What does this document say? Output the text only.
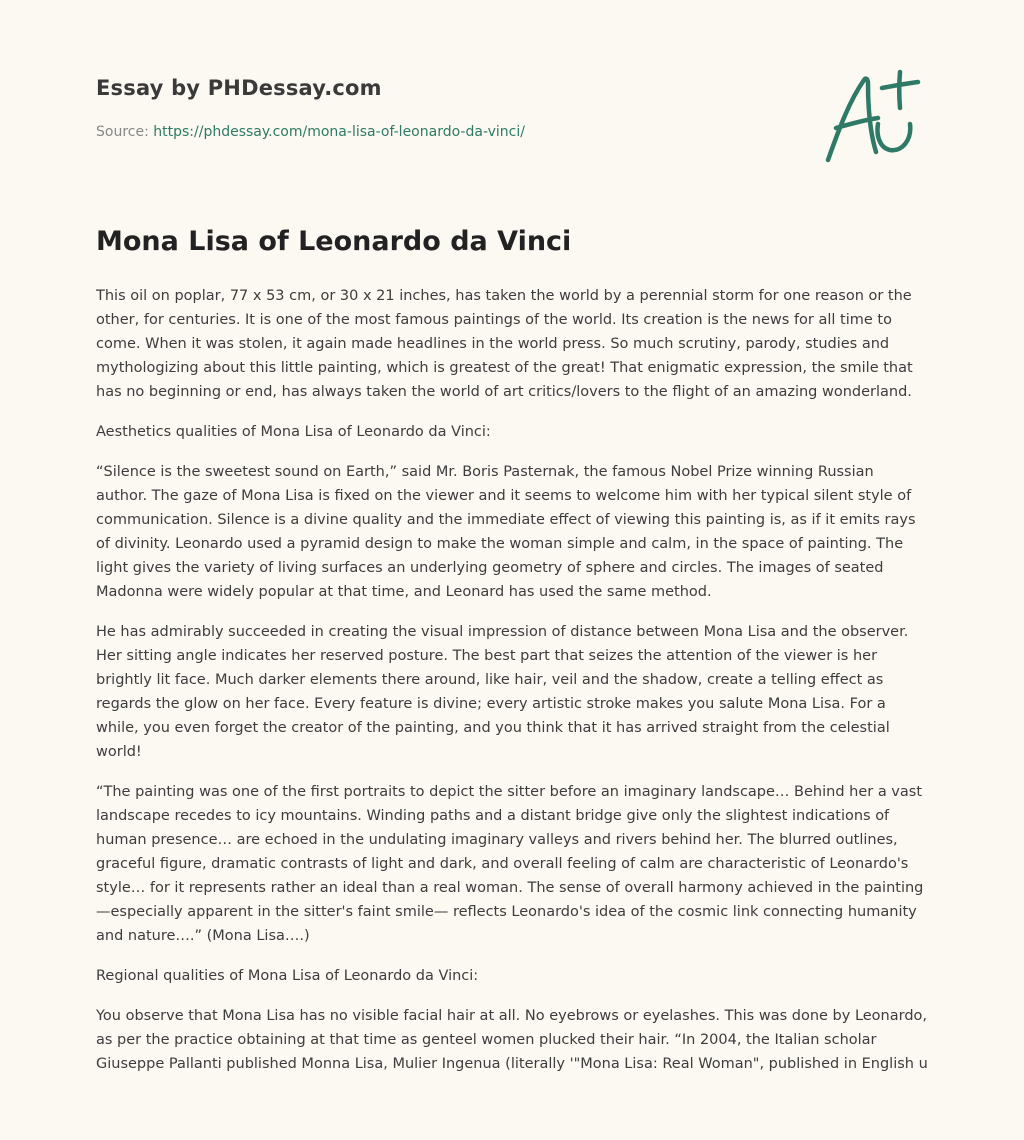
Essay by PHDessay.com
Source: https://phdessay.com/mona-lisa-of-leonardo-da-vinci/
Mona Lisa of Leonardo da Vinci

This oil on poplar, 77 x 53 cm, or 30 x 21 inches, has taken the world by a perennial storm for one reason or the other, for centuries. It is one of the most famous paintings of the world. Its creation is the news for all time to come. When it was stolen, it again made headlines in the world press. So much scrutiny, parody, studies and mythologizing about this little painting, which is greatest of the great! That enigmatic expression, the smile that has no beginning or end, has always taken the world of art critics/lovers to the flight of an amazing wonderland.

Aesthetics qualities of Mona Lisa of Leonardo da Vinci:

“Silence is the sweetest sound on Earth,” said Mr. Boris Pasternak, the famous Nobel Prize winning Russian author. The gaze of Mona Lisa is fixed on the viewer and it seems to welcome him with her typical silent style of communication. Silence is a divine quality and the immediate effect of viewing this painting is, as if it emits rays of divinity. Leonardo used a pyramid design to make the woman simple and calm, in the space of painting. The light gives the variety of living surfaces an underlying geometry of sphere and circles. The images of seated Madonna were widely popular at that time, and Leonard has used the same method.

He has admirably succeeded in creating the visual impression of distance between Mona Lisa and the observer. Her sitting angle indicates her reserved posture. The best part that seizes the attention of the viewer is her brightly lit face. Much darker elements there around, like hair, veil and the shadow, create a telling effect as regards the glow on her face. Every feature is divine; every artistic stroke makes you salute Mona Lisa. For a while, you even forget the creator of the painting, and you think that it has arrived straight from the celestial world!

“The painting was one of the first portraits to depict the sitter before an imaginary landscape… Behind her a vast landscape recedes to icy mountains. Winding paths and a distant bridge give only the slightest indications of human presence… are echoed in the undulating imaginary valleys and rivers behind her. The blurred outlines, graceful figure, dramatic contrasts of light and dark, and overall feeling of calm are characteristic of Leonardo's style… for it represents rather an ideal than a real woman. The sense of overall harmony achieved in the painting—especially apparent in the sitter's faint smile— reflects Leonardo's idea of the cosmic link connecting humanity and nature….” (Mona Lisa….)

Regional qualities of Mona Lisa of Leonardo da Vinci:

You observe that Mona Lisa has no visible facial hair at all. No eyebrows or eyelashes. This was done by Leonardo, as per the practice obtaining at that time as genteel women plucked their hair. “In 2004, the Italian scholar Giuseppe Pallanti published Monna Lisa, Mulier Ingenua (literally '"Mona Lisa: Real Woman", published in English u
